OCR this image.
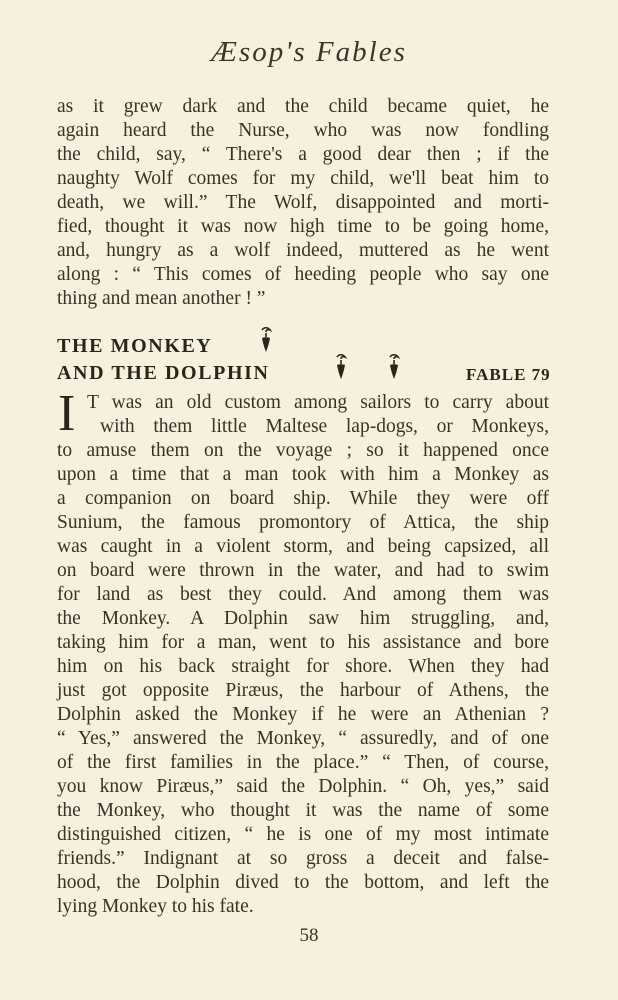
Æsop's Fables
as it grew dark and the child became quiet, he
again heard the Nurse, who was now fondling
the child, say, “ There's a good dear then ; if the
naughty Wolf comes for my child, we'll beat him to
death, we will.” The Wolf, disappointed and morti-
fied, thought it was now high time to be going home,
and, hungry as a wolf indeed, muttered as he went
along : “ This comes of heeding people who say one
thing and mean another ! ”
THE MONKEY
AND THE DOLPHIN	FABLE 79
I T was an old custom among sailors to carry about
with them little Maltese lap-dogs, or Monkeys,
to amuse them on the voyage ; so it happened once
upon a time that a man took with him a Monkey as
a companion on board ship. While they were off
Sunium, the famous promontory of Attica, the ship
was caught in a violent storm, and being capsized, all
on board were thrown in the water, and had to swim
for land as best they could. And among them was
the Monkey. A Dolphin saw him struggling, and,
taking him for a man, went to his assistance and bore
him on his back straight for shore. When they had
just got opposite Piræus, the harbour of Athens, the
Dolphin asked the Monkey if he were an Athenian ?
“ Yes,” answered the Monkey, “ assuredly, and of one
of the first families in the place.” “ Then, of course,
you know Piræus,” said the Dolphin. “ Oh, yes,” said
the Monkey, who thought it was the name of some
distinguished citizen, “ he is one of my most intimate
friends.” Indignant at so gross a deceit and false-
hood, the Dolphin dived to the bottom, and left the
lying Monkey to his fate.
58
